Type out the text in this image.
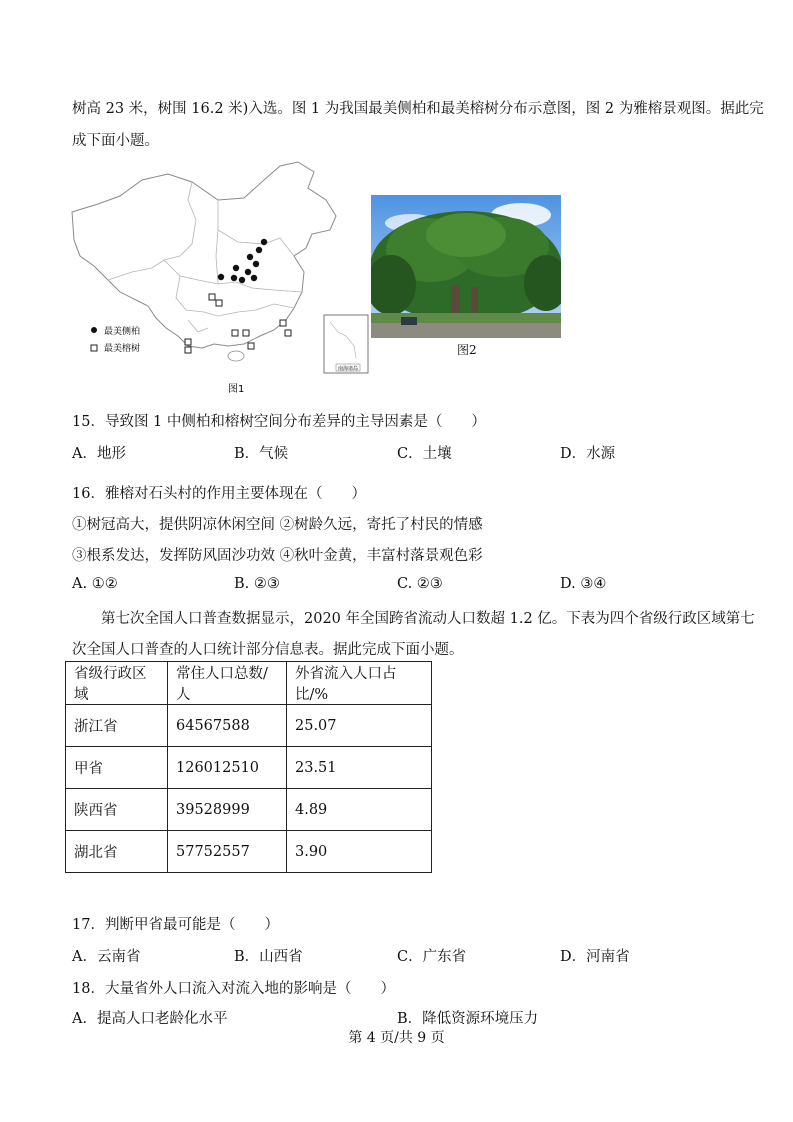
树高 23 米，树围 16.2 米)入选。图 1 为我国最美侧柏和最美榕树分布示意图，图 2 为雅榕景观图。据此完
成下面小题。
最美侧柏
最美榕树
南海诸岛
图1
图2
15．导致图 1 中侧柏和榕树空间分布差异的主导因素是（　　）
A．地形	B．气候	C．土壤	D．水源
16．雅榕对石头村的作用主要体现在（　　）
①树冠高大，提供阴凉休闲空间 ②树龄久远，寄托了村民的情感
③根系发达，发挥防风固沙功效 ④秋叶金黄，丰富村落景观色彩
A. ①②	B. ②③	C. ②③	D. ③④
第七次全国人口普查数据显示，2020 年全国跨省流动人口数超 1.2 亿。下表为四个省级行政区域第七
次全国人口普查的人口统计部分信息表。据此完成下面小题。
省级行政区域	常住人口总数/人	外省流入人口占比/%
浙江省	64567588	25.07
甲省	126012510	23.51
陕西省	39528999	4.89
湖北省	57752557	3.90
17．判断甲省最可能是（　　）
A．云南省	B．山西省	C．广东省	D．河南省
18．大量省外人口流入对流入地的影响是（　　）
A．提高人口老龄化水平	B．降低资源环境压力
第 4 页/共 9 页
